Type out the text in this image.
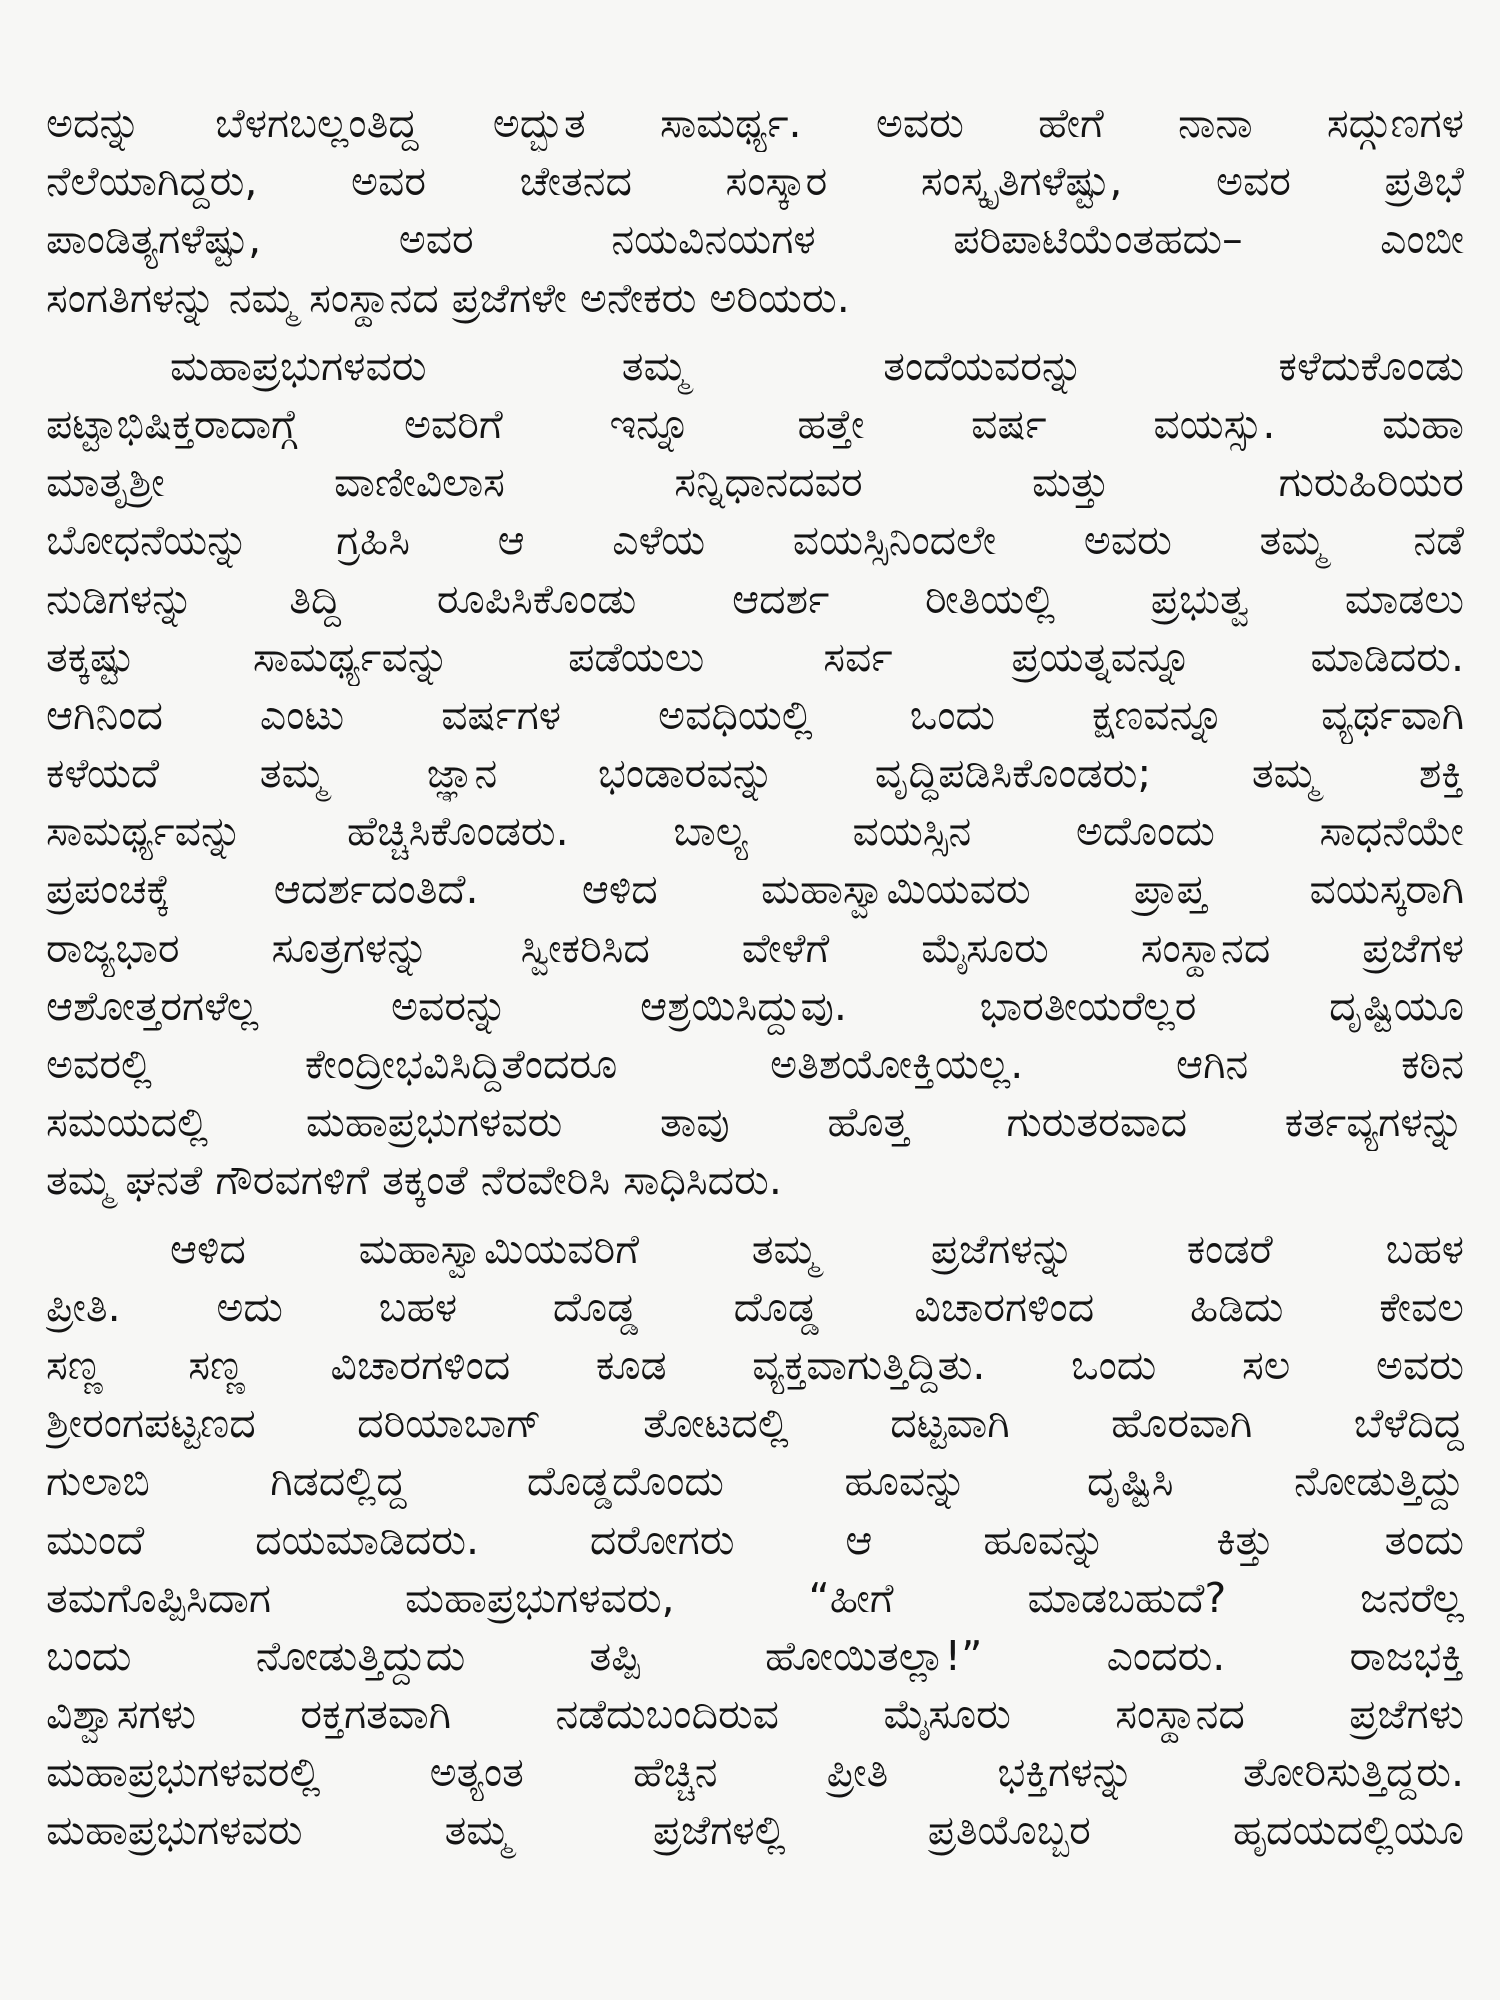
ಅದನ್ನು ಬೆಳಗಬಲ್ಲಂತಿದ್ದ ಅದ್ಭುತ ಸಾಮರ್ಥ್ಯ. ಅವರು ಹೇಗೆ ನಾನಾ ಸದ್ಗುಣಗಳ
ನೆಲೆಯಾಗಿದ್ದರು, ಅವರ ಚೇತನದ ಸಂಸ್ಕಾರ ಸಂಸ್ಕೃತಿಗಳೆಷ್ಟು, ಅವರ ಪ್ರತಿಭೆ
ಪಾಂಡಿತ್ಯಗಳೆಷ್ಟು, ಅವರ ನಯವಿನಯಗಳ ಪರಿಪಾಟಿಯೆಂತಹದು– ಎಂಬೀ
ಸಂಗತಿಗಳನ್ನು ನಮ್ಮ ಸಂಸ್ಥಾನದ ಪ್ರಜೆಗಳೇ ಅನೇಕರು ಅರಿಯರು.
ಮಹಾಪ್ರಭುಗಳವರು ತಮ್ಮ ತಂದೆಯವರನ್ನು ಕಳೆದುಕೊಂಡು
ಪಟ್ಟಾಭಿಷಿಕ್ತರಾದಾಗ್ಗೆ ಅವರಿಗೆ ಇನ್ನೂ ಹತ್ತೇ ವರ್ಷ ವಯಸ್ಸು. ಮಹಾ
ಮಾತೃಶ್ರೀ ವಾಣೀವಿಲಾಸ ಸನ್ನಿಧಾನದವರ ಮತ್ತು ಗುರುಹಿರಿಯರ
ಬೋಧನೆಯನ್ನು ಗ್ರಹಿಸಿ ಆ ಎಳೆಯ ವಯಸ್ಸಿನಿಂದಲೇ ಅವರು ತಮ್ಮ ನಡೆ
ನುಡಿಗಳನ್ನು ತಿದ್ದಿ ರೂಪಿಸಿಕೊಂಡು ಆದರ್ಶ ರೀತಿಯಲ್ಲಿ ಪ್ರಭುತ್ವ ಮಾಡಲು
ತಕ್ಕಷ್ಟು ಸಾಮರ್ಥ್ಯವನ್ನು ಪಡೆಯಲು ಸರ್ವ ಪ್ರಯತ್ನವನ್ನೂ ಮಾಡಿದರು.
ಆಗಿನಿಂದ ಎಂಟು ವರ್ಷಗಳ ಅವಧಿಯಲ್ಲಿ ಒಂದು ಕ್ಷಣವನ್ನೂ ವ್ಯರ್ಥವಾಗಿ
ಕಳೆಯದೆ ತಮ್ಮ ಜ್ಞಾನ ಭಂಡಾರವನ್ನು ವೃದ್ಧಿಪಡಿಸಿಕೊಂಡರು; ತಮ್ಮ ಶಕ್ತಿ
ಸಾಮರ್ಥ್ಯವನ್ನು ಹೆಚ್ಚಿಸಿಕೊಂಡರು. ಬಾಲ್ಯ ವಯಸ್ಸಿನ ಅದೊಂದು ಸಾಧನೆಯೇ
ಪ್ರಪಂಚಕ್ಕೆ ಆದರ್ಶದಂತಿದೆ. ಆಳಿದ ಮಹಾಸ್ವಾಮಿಯವರು ಪ್ರಾಪ್ತ ವಯಸ್ಕರಾಗಿ
ರಾಜ್ಯಭಾರ ಸೂತ್ರಗಳನ್ನು ಸ್ವೀಕರಿಸಿದ ವೇಳೆಗೆ ಮೈಸೂರು ಸಂಸ್ಥಾನದ ಪ್ರಜೆಗಳ
ಆಶೋತ್ತರಗಳೆಲ್ಲ ಅವರನ್ನು ಆಶ್ರಯಿಸಿದ್ದುವು. ಭಾರತೀಯರೆಲ್ಲರ ದೃಷ್ಟಿಯೂ
ಅವರಲ್ಲಿ ಕೇಂದ್ರೀಭವಿಸಿದ್ದಿತೆಂದರೂ ಅತಿಶಯೋಕ್ತಿಯಲ್ಲ. ಆಗಿನ ಕಠಿನ
ಸಮಯದಲ್ಲಿ ಮಹಾಪ್ರಭುಗಳವರು ತಾವು ಹೊತ್ತ ಗುರುತರವಾದ ಕರ್ತವ್ಯಗಳನ್ನು
ತಮ್ಮ ಘನತೆ ಗೌರವಗಳಿಗೆ ತಕ್ಕಂತೆ ನೆರವೇರಿಸಿ ಸಾಧಿಸಿದರು.
ಆಳಿದ ಮಹಾಸ್ವಾಮಿಯವರಿಗೆ ತಮ್ಮ ಪ್ರಜೆಗಳನ್ನು ಕಂಡರೆ ಬಹಳ
ಪ್ರೀತಿ. ಅದು ಬಹಳ ದೊಡ್ಡ ದೊಡ್ಡ ವಿಚಾರಗಳಿಂದ ಹಿಡಿದು ಕೇವಲ
ಸಣ್ಣ ಸಣ್ಣ ವಿಚಾರಗಳಿಂದ ಕೂಡ ವ್ಯಕ್ತವಾಗುತ್ತಿದ್ದಿತು. ಒಂದು ಸಲ ಅವರು
ಶ್ರೀರಂಗಪಟ್ಟಣದ ದರಿಯಾಬಾಗ್ ತೋಟದಲ್ಲಿ ದಟ್ಟವಾಗಿ ಹೊರವಾಗಿ ಬೆಳೆದಿದ್ದ
ಗುಲಾಬಿ ಗಿಡದಲ್ಲಿದ್ದ ದೊಡ್ಡದೊಂದು ಹೂವನ್ನು ದೃಷ್ಟಿಸಿ ನೋಡುತ್ತಿದ್ದು
ಮುಂದೆ ದಯಮಾಡಿದರು. ದರೋಗರು ಆ ಹೂವನ್ನು ಕಿತ್ತು ತಂದು
ತಮಗೊಪ್ಪಿಸಿದಾಗ ಮಹಾಪ್ರಭುಗಳವರು, “ಹೀಗೆ ಮಾಡಬಹುದೆ? ಜನರೆಲ್ಲ
ಬಂದು ನೋಡುತ್ತಿದ್ದುದು ತಪ್ಪಿ ಹೋಯಿತಲ್ಲಾ!” ಎಂದರು. ರಾಜಭಕ್ತಿ
ವಿಶ್ವಾಸಗಳು ರಕ್ತಗತವಾಗಿ ನಡೆದುಬಂದಿರುವ ಮೈಸೂರು ಸಂಸ್ಥಾನದ ಪ್ರಜೆಗಳು
ಮಹಾಪ್ರಭುಗಳವರಲ್ಲಿ ಅತ್ಯಂತ ಹೆಚ್ಚಿನ ಪ್ರೀತಿ ಭಕ್ತಿಗಳನ್ನು ತೋರಿಸುತ್ತಿದ್ದರು.
ಮಹಾಪ್ರಭುಗಳವರು ತಮ್ಮ ಪ್ರಜೆಗಳಲ್ಲಿ ಪ್ರತಿಯೊಬ್ಬರ ಹೃದಯದಲ್ಲಿಯೂ
